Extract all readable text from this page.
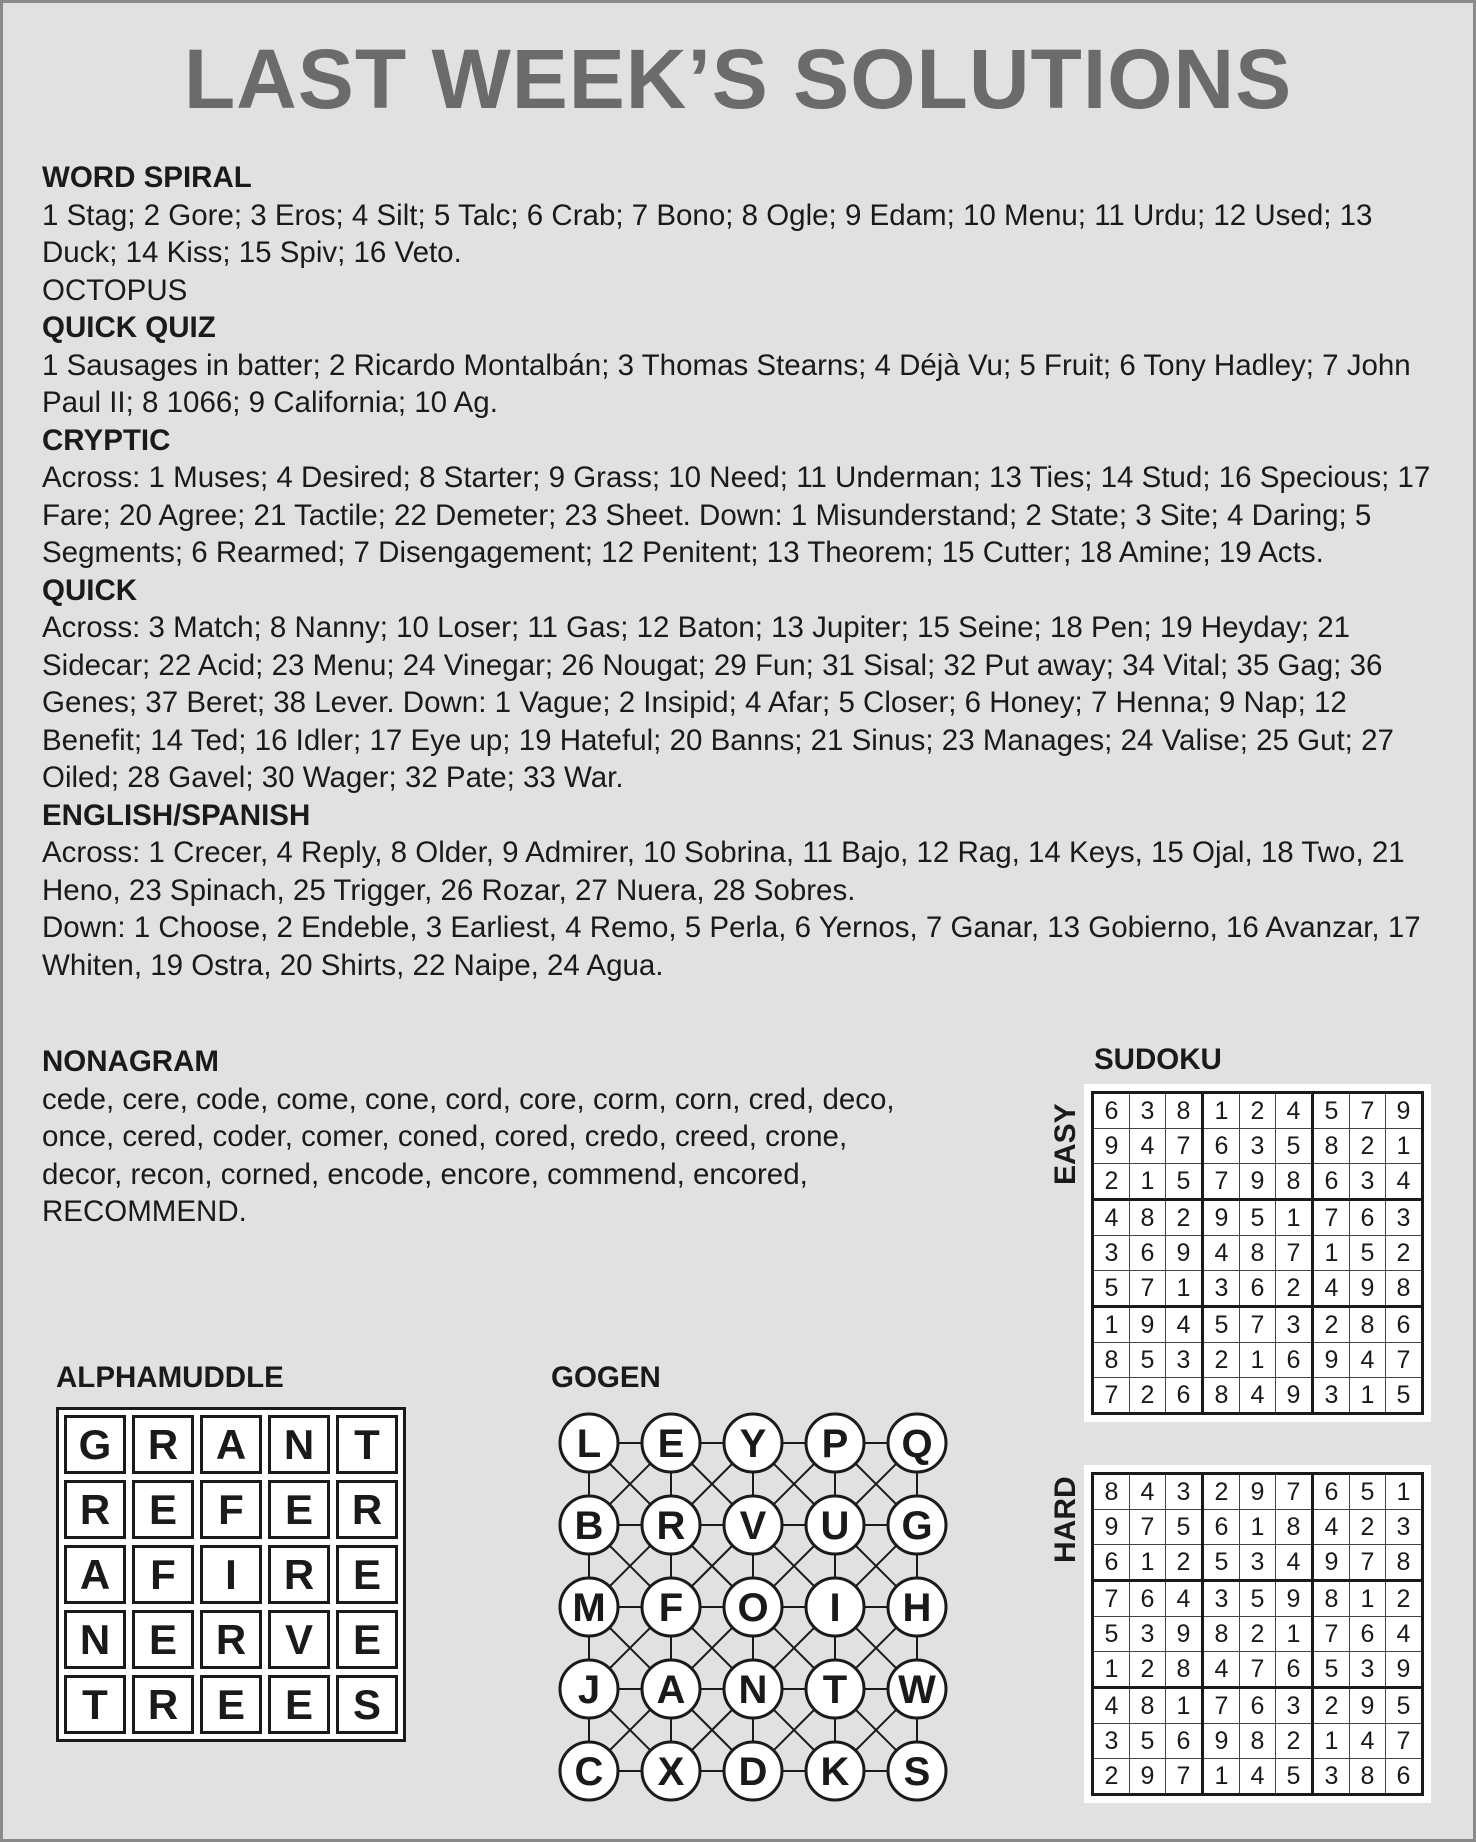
LAST WEEK’S SOLUTIONS
WORD SPIRAL
1 Stag; 2 Gore; 3 Eros; 4 Silt; 5 Talc; 6 Crab; 7 Bono; 8 Ogle; 9 Edam; 10 Menu; 11 Urdu; 12 Used; 13 Duck; 14 Kiss; 15 Spiv; 16 Veto.
OCTOPUS
QUICK QUIZ
1 Sausages in batter; 2 Ricardo Montalbán; 3 Thomas Stearns; 4 Déjà Vu; 5 Fruit; 6 Tony Hadley; 7 John Paul II; 8 1066; 9 California; 10 Ag.
CRYPTIC
Across: 1 Muses; 4 Desired; 8 Starter; 9 Grass; 10 Need; 11 Underman; 13 Ties; 14 Stud; 16 Specious; 17 Fare; 20 Agree; 21 Tactile; 22 Demeter; 23 Sheet. Down: 1 Misunderstand; 2 State; 3 Site; 4 Daring; 5 Segments; 6 Rearmed; 7 Disengagement; 12 Penitent; 13 Theorem; 15 Cutter; 18 Amine; 19 Acts.
QUICK
Across: 3 Match; 8 Nanny; 10 Loser; 11 Gas; 12 Baton; 13 Jupiter; 15 Seine; 18 Pen; 19 Heyday; 21 Sidecar; 22 Acid; 23 Menu; 24 Vinegar; 26 Nougat; 29 Fun; 31 Sisal; 32 Put away; 34 Vital; 35 Gag; 36 Genes; 37 Beret; 38 Lever. Down: 1 Vague; 2 Insipid; 4 Afar; 5 Closer; 6 Honey; 7 Henna; 9 Nap; 12 Benefit; 14 Ted; 16 Idler; 17 Eye up; 19 Hateful; 20 Banns; 21 Sinus; 23 Manages; 24 Valise; 25 Gut; 27 Oiled; 28 Gavel; 30 Wager; 32 Pate; 33 War.
ENGLISH/SPANISH
Across: 1 Crecer, 4 Reply, 8 Older, 9 Admirer, 10 Sobrina, 11 Bajo, 12 Rag, 14 Keys, 15 Ojal, 18 Two, 21 Heno, 23 Spinach, 25 Trigger, 26 Rozar, 27 Nuera, 28 Sobres.
Down: 1 Choose, 2 Endeble, 3 Earliest, 4 Remo, 5 Perla, 6 Yernos, 7 Ganar, 13 Gobierno, 16 Avanzar, 17 Whiten, 19 Ostra, 20 Shirts, 22 Naipe, 24 Agua.
NONAGRAM
cede, cere, code, come, cone, cord, core, corm, corn, cred, deco, once, cered, coder, comer, coned, cored, credo, creed, crone, decor, recon, corned, encode, encore, commend, encored, RECOMMEND.
SUDOKU
EASY 6	3	8	1	2	4	5	7	9
9	4	7	6	3	5	8	2	1
2	1	5	7	9	8	6	3	4
4	8	2	9	5	1	7	6	3
3	6	9	4	8	7	1	5	2
5	7	1	3	6	2	4	9	8
1	9	4	5	7	3	2	8	6
8	5	3	2	1	6	9	4	7
7	2	6	8	4	9	3	1	5
HARD 8	4	3	2	9	7	6	5	1
9	7	5	6	1	8	4	2	3
6	1	2	5	3	4	9	7	8
7	6	4	3	5	9	8	1	2
5	3	9	8	2	1	7	6	4
1	2	8	4	7	6	5	3	9
4	8	1	7	6	3	2	9	5
3	5	6	9	8	2	1	4	7
2	9	7	1	4	5	3	8	6
ALPHAMUDDLE
G R A N T
R E F E R
A F	I	R E
N E R V E
T R E E S
GOGEN
L E Y P Q
B R V U G
M F O I H
J A N T W
C X D K S
